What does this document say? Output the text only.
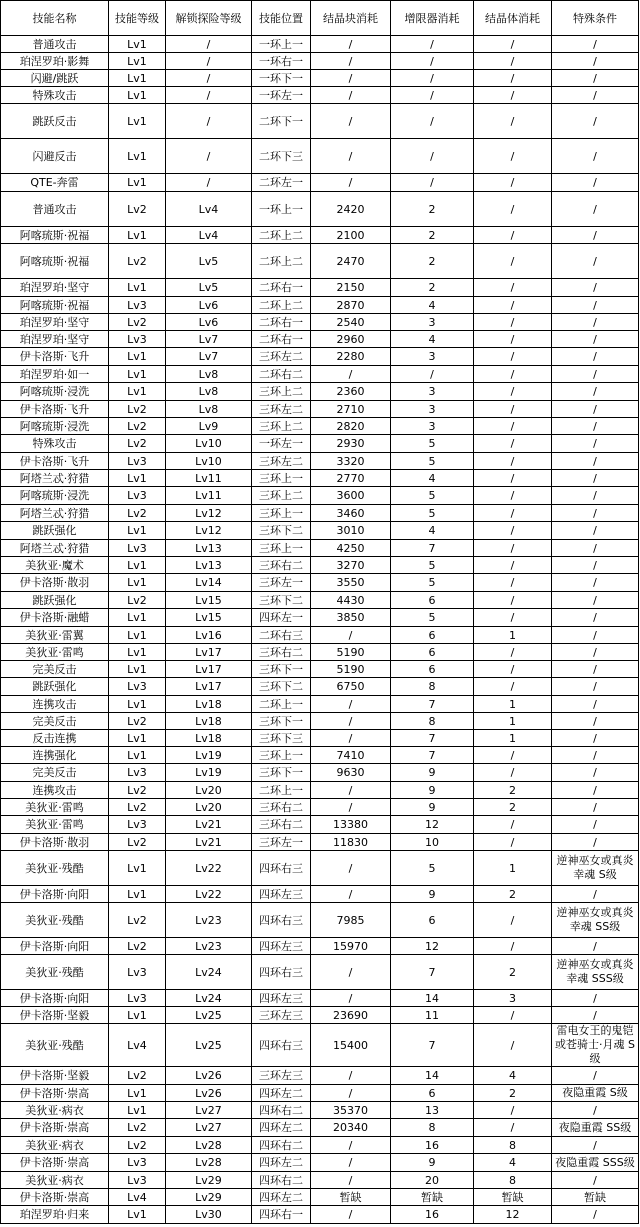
技能名称	技能等级	解锁探险等级	技能位置	结晶块消耗	增限器消耗	结晶体消耗	特殊条件
普通攻击	Lv1	/	一环上一	/	/	/	/
珀涅罗珀·影舞	Lv1	/	一环右一	/	/	/	/
闪避/跳跃	Lv1	/	一环下一	/	/	/	/
特殊攻击	Lv1	/	一环左一	/	/	/	/
跳跃反击	Lv1	/	二环下一	/	/	/	/
闪避反击	Lv1	/	二环下三	/	/	/	/
QTE-奔雷	Lv1	/	二环左一	/	/	/	/
普通攻击	Lv2	Lv4	一环上一	2420	2	/	/
阿喀琉斯·祝福	Lv1	Lv4	二环上二	2100	2	/	/
阿喀琉斯·祝福	Lv2	Lv5	二环上二	2470	2	/	/
珀涅罗珀·坚守	Lv1	Lv5	二环右一	2150	2	/	/
阿喀琉斯·祝福	Lv3	Lv6	二环上二	2870	4	/	/
珀涅罗珀·坚守	Lv2	Lv6	二环右一	2540	3	/	/
珀涅罗珀·坚守	Lv3	Lv7	二环右一	2960	4	/	/
伊卡洛斯·飞升	Lv1	Lv7	三环左二	2280	3	/	/
珀涅罗珀·如一	Lv1	Lv8	二环右二	/	/	/	/
阿喀琉斯·浸洗	Lv1	Lv8	三环上二	2360	3	/	/
伊卡洛斯·飞升	Lv2	Lv8	三环左二	2710	3	/	/
阿喀琉斯·浸洗	Lv2	Lv9	三环上二	2820	3	/	/
特殊攻击	Lv2	Lv10	一环左一	2930	5	/	/
伊卡洛斯·飞升	Lv3	Lv10	三环左二	3320	5	/	/
阿塔兰忒·狩猎	Lv1	Lv11	三环上一	2770	4	/	/
阿喀琉斯·浸洗	Lv3	Lv11	三环上二	3600	5	/	/
阿塔兰忒·狩猎	Lv2	Lv12	三环上一	3460	5	/	/
跳跃强化	Lv1	Lv12	三环下二	3010	4	/	/
阿塔兰忒·狩猎	Lv3	Lv13	三环上一	4250	7	/	/
美狄亚·魔术	Lv1	Lv13	三环右二	3270	5	/	/
伊卡洛斯·散羽	Lv1	Lv14	三环左一	3550	5	/	/
跳跃强化	Lv2	Lv15	三环下二	4430	6	/	/
伊卡洛斯·融蜡	Lv1	Lv15	四环左一	3850	5	/	/
美狄亚·雷翼	Lv1	Lv16	二环右三	/	6	1	/
美狄亚·雷鸣	Lv1	Lv17	三环右二	5190	6	/	/
完美反击	Lv1	Lv17	三环下一	5190	6	/	/
跳跃强化	Lv3	Lv17	三环下二	6750	8	/	/
连携攻击	Lv1	Lv18	二环上一	/	7	1	/
完美反击	Lv2	Lv18	三环下一	/	8	1	/
反击连携	Lv1	Lv18	三环下三	/	7	1	/
连携强化	Lv1	Lv19	三环上一	7410	7	/	/
完美反击	Lv3	Lv19	三环下一	9630	9	/	/
连携攻击	Lv2	Lv20	二环上一	/	9	2	/
美狄亚·雷鸣	Lv2	Lv20	三环右二	/	9	2	/
美狄亚·雷鸣	Lv3	Lv21	三环右二	13380	12	/	/
伊卡洛斯·散羽	Lv2	Lv21	三环左一	11830	10	/	/
美狄亚·残酷	Lv1	Lv22	四环右三	/	5	1	逆神巫女或真炎幸魂 S级
伊卡洛斯·向阳	Lv1	Lv22	四环左三	/	9	2	/
美狄亚·残酷	Lv2	Lv23	四环右三	7985	6	/	逆神巫女或真炎幸魂 SS级
伊卡洛斯·向阳	Lv2	Lv23	四环左三	15970	12	/	/
美狄亚·残酷	Lv3	Lv24	四环右三	/	7	2	逆神巫女或真炎幸魂 SSS级
伊卡洛斯·向阳	Lv3	Lv24	四环左三	/	14	3	/
伊卡洛斯·坚毅	Lv1	Lv25	三环左三	23690	11	/	/
美狄亚·残酷	Lv4	Lv25	四环右三	15400	7	/	雷电女王的鬼铠或苍骑士·月魂 S级
伊卡洛斯·坚毅	Lv2	Lv26	三环左三	/	14	4	/
伊卡洛斯·崇高	Lv1	Lv26	四环左二	/	6	2	夜隐重霞 S级
美狄亚·病衣	Lv1	Lv27	四环右二	35370	13	/	/
伊卡洛斯·崇高	Lv2	Lv27	四环左二	20340	8	/	夜隐重霞 SS级
美狄亚·病衣	Lv2	Lv28	四环右二	/	16	8	/
伊卡洛斯·崇高	Lv3	Lv28	四环左二	/	9	4	夜隐重霞 SSS级
美狄亚·病衣	Lv3	Lv29	四环右二	/	20	8	/
伊卡洛斯·崇高	Lv4	Lv29	四环左二	暂缺	暂缺	暂缺	暂缺
珀涅罗珀·归来	Lv1	Lv30	四环右一	/	16	12	/
